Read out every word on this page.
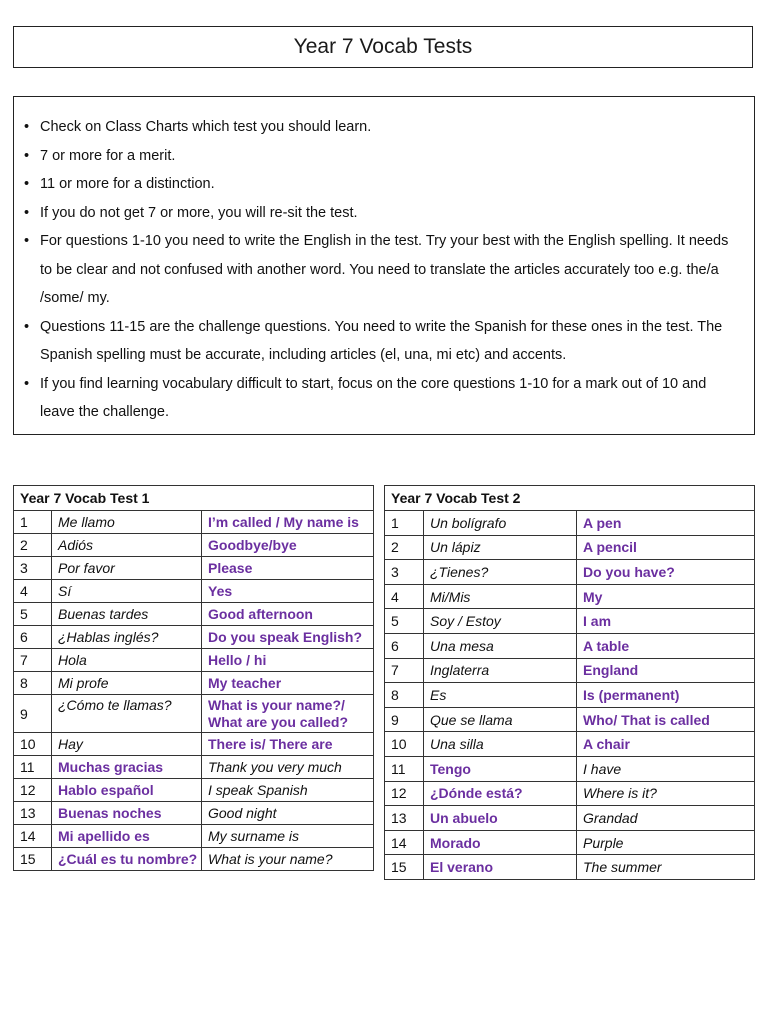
Year 7 Vocab Tests
• Check on Class Charts which test you should learn.
• 7 or more for a merit.
• 11 or more for a distinction.
• If you do not get 7 or more, you will re-sit the test.
• For questions 1-10 you need to write the English in the test. Try your best with the English spelling. It needs to be clear and not confused with another word. You need to translate the articles accurately too e.g. the/a /some/ my.
• Questions 11-15 are the challenge questions. You need to write the Spanish for these ones in the test. The Spanish spelling must be accurate, including articles (el, una, mi etc) and accents.
• If you find learning vocabulary difficult to start, focus on the core questions 1-10 for a mark out of 10 and leave the challenge.
Year 7 Vocab Test 1		
1	Me llamo	I’m called / My name is
2	Adiós	Goodbye/bye
3	Por favor	Please
4	Sí	Yes
5	Buenas tardes	Good afternoon
6	¿Hablas inglés?	Do you speak English?
7	Hola	Hello / hi
8	Mi profe	My teacher
9	¿Cómo te llamas?	What is your name?/ What are you called?
10	Hay	There is/ There are
11	Muchas gracias	Thank you very much
12	Hablo español	I speak Spanish
13	Buenas noches	Good night
14	Mi apellido es	My surname is
15	¿Cuál es tu nombre?	What is your name?
Year 7 Vocab Test 2		
1	Un bolígrafo	A pen
2	Un lápiz	A pencil
3	¿Tienes?	Do you have?
4	Mi/Mis	My
5	Soy / Estoy	I am
6	Una mesa	A table
7	Inglaterra	England
8	Es	Is (permanent)
9	Que se llama	Who/ That is called
10	Una silla	A chair
11	Tengo	I have
12	¿Dónde está?	Where is it?
13	Un abuelo	Grandad
14	Morado	Purple
15	El verano	The summer
